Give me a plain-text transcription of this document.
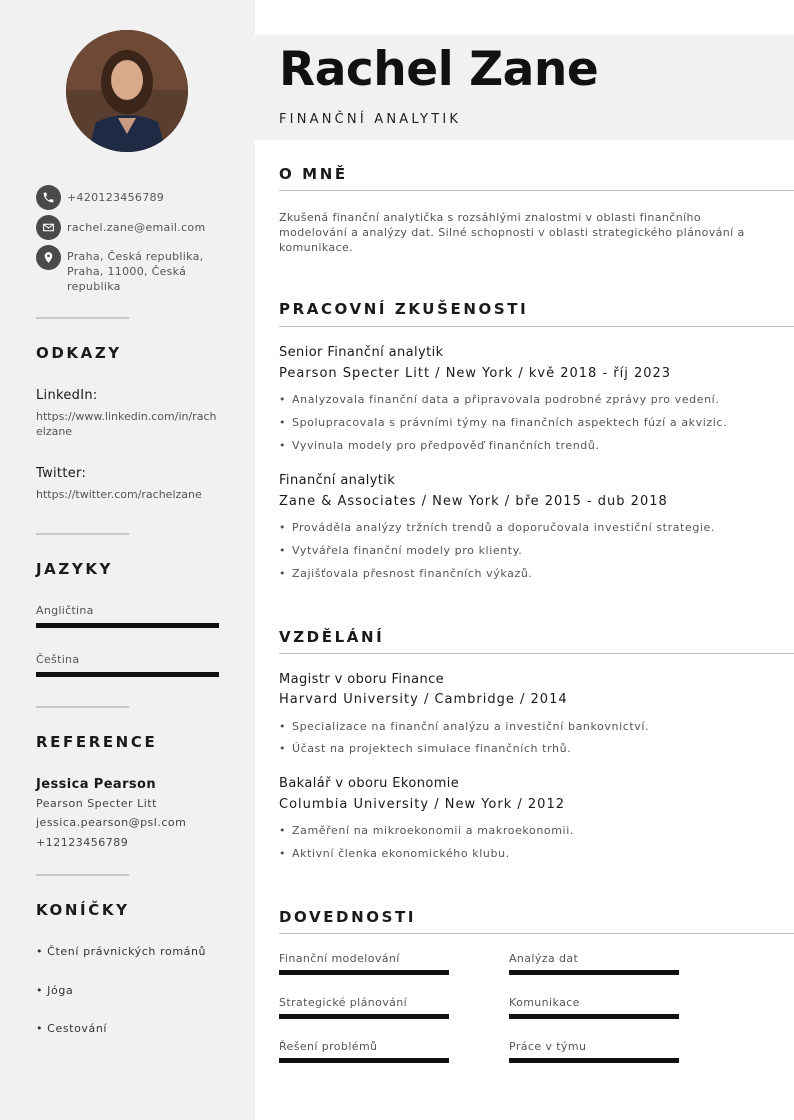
+420123456789
rachel.zane@email.com
Praha, Česká republika, Praha, 11000, Česká republika
ODKAZY
LinkedIn:
https://www.linkedin.com/in/rachelzane
Twitter:
https://twitter.com/rachelzane
JAZYKY
Angličtina
Čeština
REFERENCE
Jessica Pearson
Pearson Specter Litt
jessica.pearson@psl.com
+12123456789
KONÍČKY
• Čtení právnických románů
• Jóga
• Cestování
Rachel Zane
FINANČNÍ ANALYTIK
O MNĚ
Zkušená finanční analytička s rozsáhlými znalostmi v oblasti finančního modelování a analýzy dat. Silné schopnosti v oblasti strategického plánování a komunikace.
PRACOVNÍ ZKUŠENOSTI
Senior Finanční analytik
Pearson Specter Litt / New York / kvě 2018 - říj 2023
• Analyzovala finanční data a připravovala podrobné zprávy pro vedení.
• Spolupracovala s právními týmy na finančních aspektech fúzí a akvizic.
• Vyvinula modely pro předpověď finančních trendů.
Finanční analytik
Zane & Associates / New York / bře 2015 - dub 2018
• Prováděla analýzy tržních trendů a doporučovala investiční strategie.
• Vytvářela finanční modely pro klienty.
• Zajišťovala přesnost finančních výkazů.
VZDĚLÁNÍ
Magistr v oboru Finance
Harvard University / Cambridge / 2014
• Specializace na finanční analýzu a investiční bankovnictví.
• Účast na projektech simulace finančních trhů.
Bakalář v oboru Ekonomie
Columbia University / New York / 2012
• Zaměření na mikroekonomii a makroekonomii.
• Aktivní členka ekonomického klubu.
DOVEDNOSTI
Finanční modelování	Analýza dat
Strategické plánování	Komunikace
Řešení problémů	Práce v týmu
